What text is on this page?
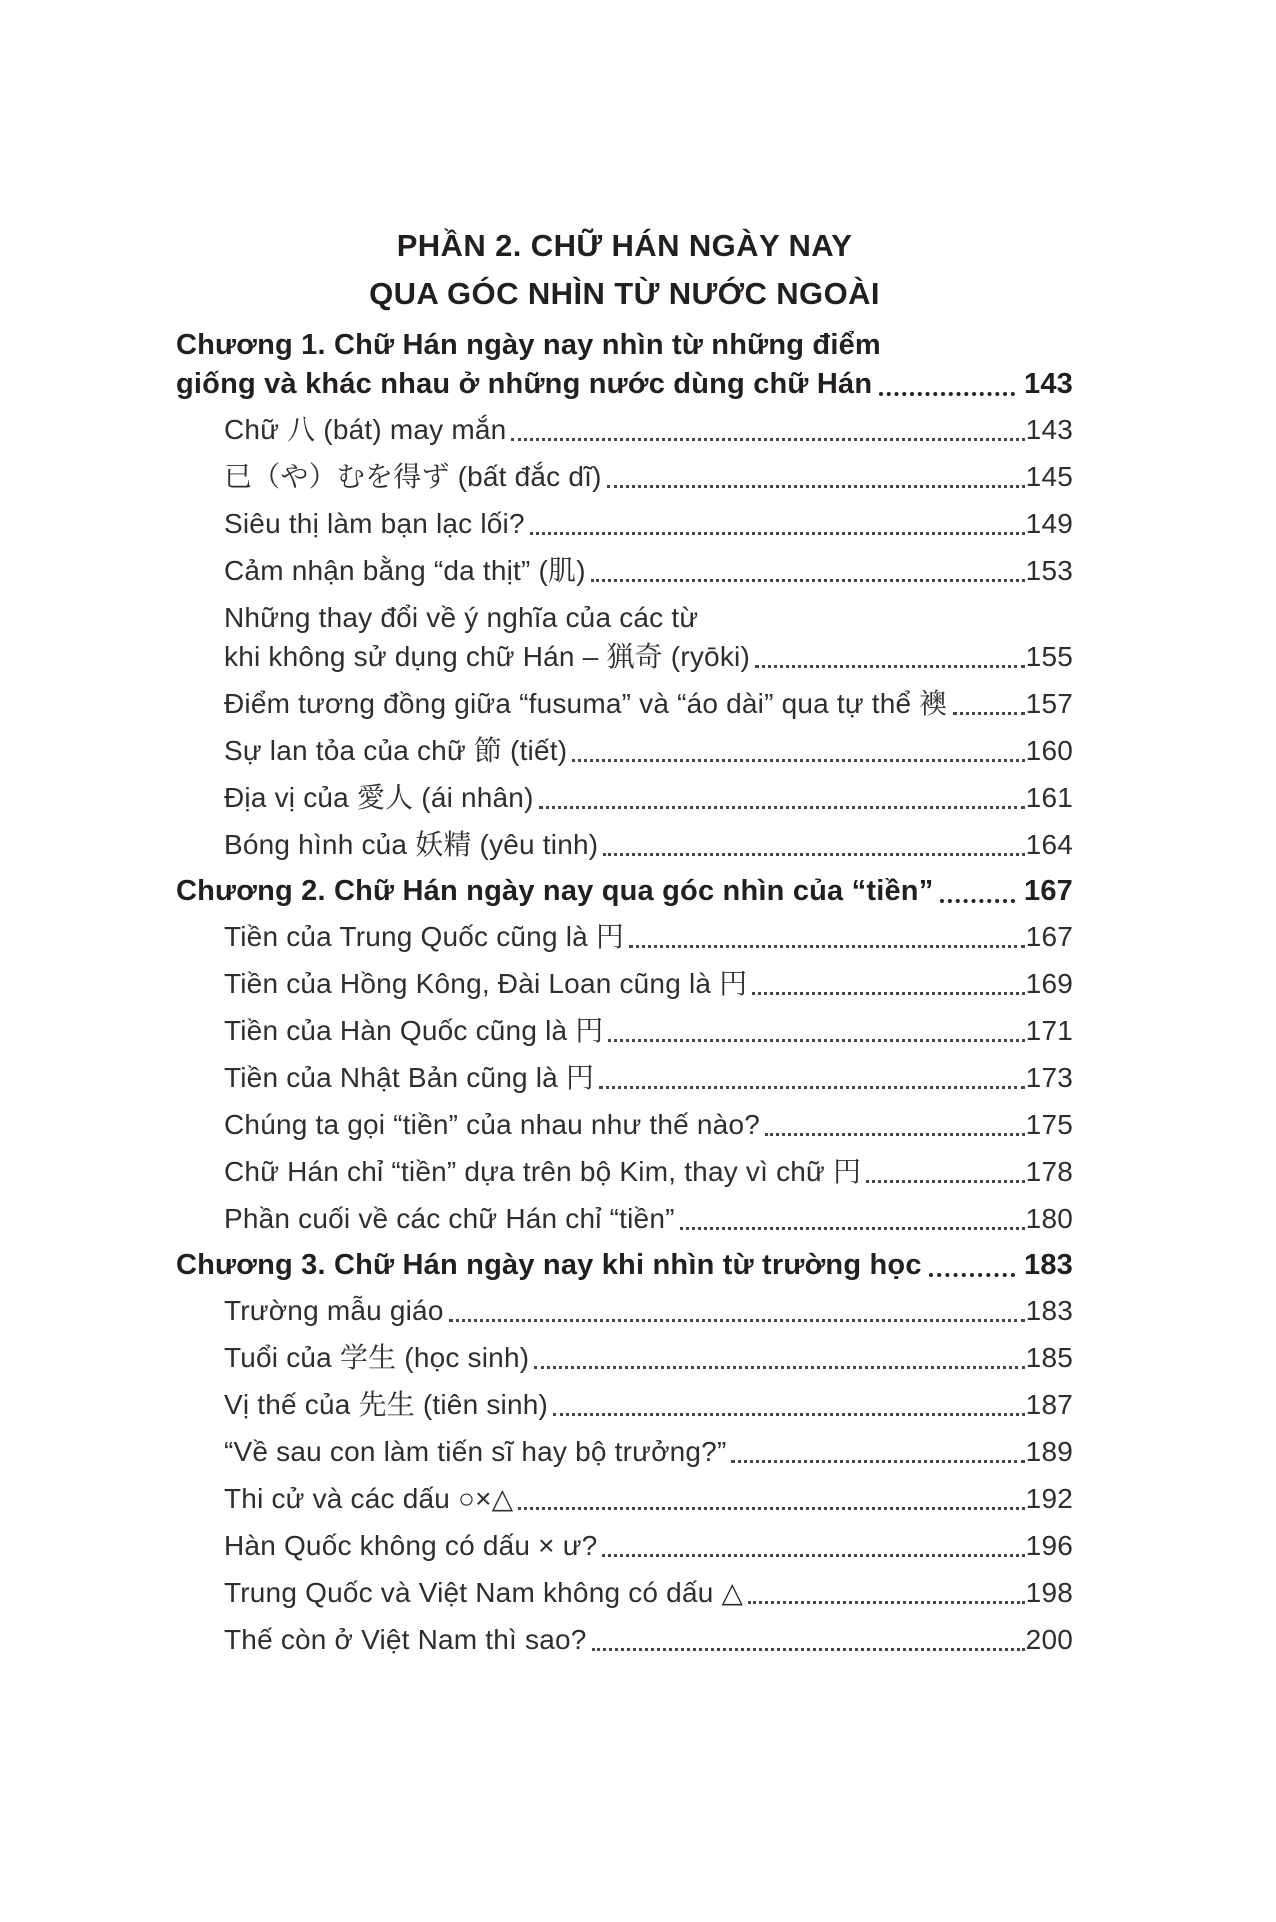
PHẦN 2. CHỮ HÁN NGÀY NAY
QUA GÓC NHÌN TỪ NƯỚC NGOÀI
Chương 1. Chữ Hán ngày nay nhìn từ những điểm
giống và khác nhau ở những nước dùng chữ Hán	143
Chữ 八 (bát) may mắn	143
已（や）むを得ず (bất đắc dĩ)	145
Siêu thị làm bạn lạc lối?	149
Cảm nhận bằng “da thịt” (肌)	153
Những thay đổi về ý nghĩa của các từ
khi không sử dụng chữ Hán – 猟奇 (ryōki)	155
Điểm tương đồng giữa “fusuma” và “áo dài” qua tự thể 襖	157
Sự lan tỏa của chữ 節 (tiết)	160
Địa vị của 愛人 (ái nhân)	161
Bóng hình của 妖精 (yêu tinh)	164
Chương 2. Chữ Hán ngày nay qua góc nhìn của “tiền”	167
Tiền của Trung Quốc cũng là 円	167
Tiền của Hồng Kông, Đài Loan cũng là 円	169
Tiền của Hàn Quốc cũng là 円	171
Tiền của Nhật Bản cũng là 円	173
Chúng ta gọi “tiền” của nhau như thế nào?	175
Chữ Hán chỉ “tiền” dựa trên bộ Kim, thay vì chữ 円	178
Phần cuối về các chữ Hán chỉ “tiền”	180
Chương 3. Chữ Hán ngày nay khi nhìn từ trường học	183
Trường mẫu giáo	183
Tuổi của 学生 (học sinh)	185
Vị thế của 先生 (tiên sinh)	187
“Về sau con làm tiến sĩ hay bộ trưởng?”	189
Thi cử và các dấu ○×△	192
Hàn Quốc không có dấu × ư?	196
Trung Quốc và Việt Nam không có dấu △	198
Thế còn ở Việt Nam thì sao?	200
